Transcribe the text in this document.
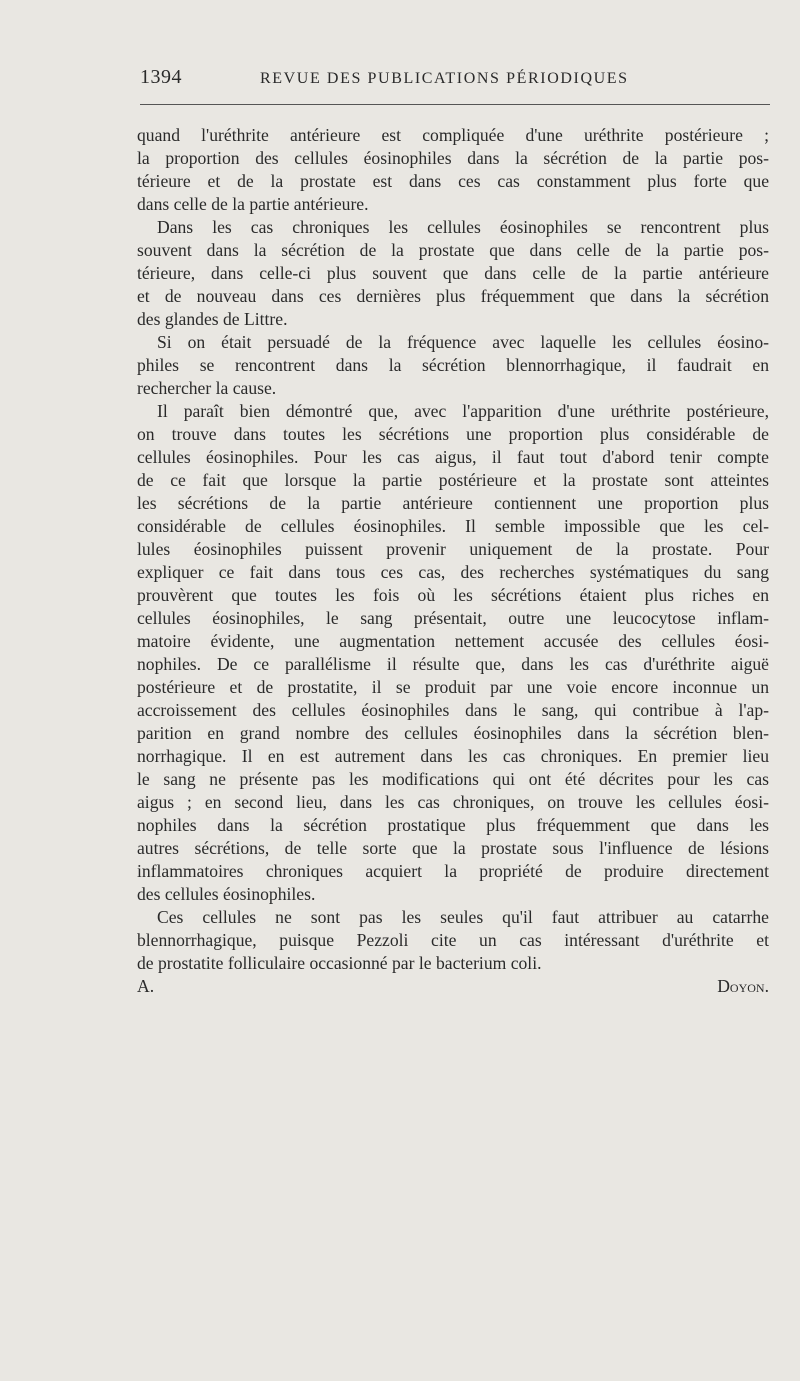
1394	REVUE DES PUBLICATIONS PÉRIODIQUES
quand l'uréthrite antérieure est compliquée d'une uréthrite postérieure ;
la proportion des cellules éosinophiles dans la sécrétion de la partie pos-
térieure et de la prostate est dans ces cas constamment plus forte que
dans celle de la partie antérieure.
Dans les cas chroniques les cellules éosinophiles se rencontrent plus
souvent dans la sécrétion de la prostate que dans celle de la partie pos-
térieure, dans celle-ci plus souvent que dans celle de la partie antérieure
et de nouveau dans ces dernières plus fréquemment que dans la sécrétion
des glandes de Littre.
Si on était persuadé de la fréquence avec laquelle les cellules éosino-
philes se rencontrent dans la sécrétion blennorrhagique, il faudrait en
rechercher la cause.
Il paraît bien démontré que, avec l'apparition d'une uréthrite postérieure,
on trouve dans toutes les sécrétions une proportion plus considérable de
cellules éosinophiles. Pour les cas aigus, il faut tout d'abord tenir compte
de ce fait que lorsque la partie postérieure et la prostate sont atteintes
les sécrétions de la partie antérieure contiennent une proportion plus
considérable de cellules éosinophiles. Il semble impossible que les cel-
lules éosinophiles puissent provenir uniquement de la prostate. Pour
expliquer ce fait dans tous ces cas, des recherches systématiques du sang
prouvèrent que toutes les fois où les sécrétions étaient plus riches en
cellules éosinophiles, le sang présentait, outre une leucocytose inflam-
matoire évidente, une augmentation nettement accusée des cellules éosi-
nophiles. De ce parallélisme il résulte que, dans les cas d'uréthrite aiguë
postérieure et de prostatite, il se produit par une voie encore inconnue un
accroissement des cellules éosinophiles dans le sang, qui contribue à l'ap-
parition en grand nombre des cellules éosinophiles dans la sécrétion blen-
norrhagique. Il en est autrement dans les cas chroniques. En premier lieu
le sang ne présente pas les modifications qui ont été décrites pour les cas
aigus ; en second lieu, dans les cas chroniques, on trouve les cellules éosi-
nophiles dans la sécrétion prostatique plus fréquemment que dans les
autres sécrétions, de telle sorte que la prostate sous l'influence de lésions
inflammatoires chroniques acquiert la propriété de produire directement
des cellules éosinophiles.
Ces cellules ne sont pas les seules qu'il faut attribuer au catarrhe
blennorrhagique, puisque Pezzoli cite un cas intéressant d'uréthrite et
de prostatite folliculaire occasionné par le bacterium coli.
A. Doyon.
